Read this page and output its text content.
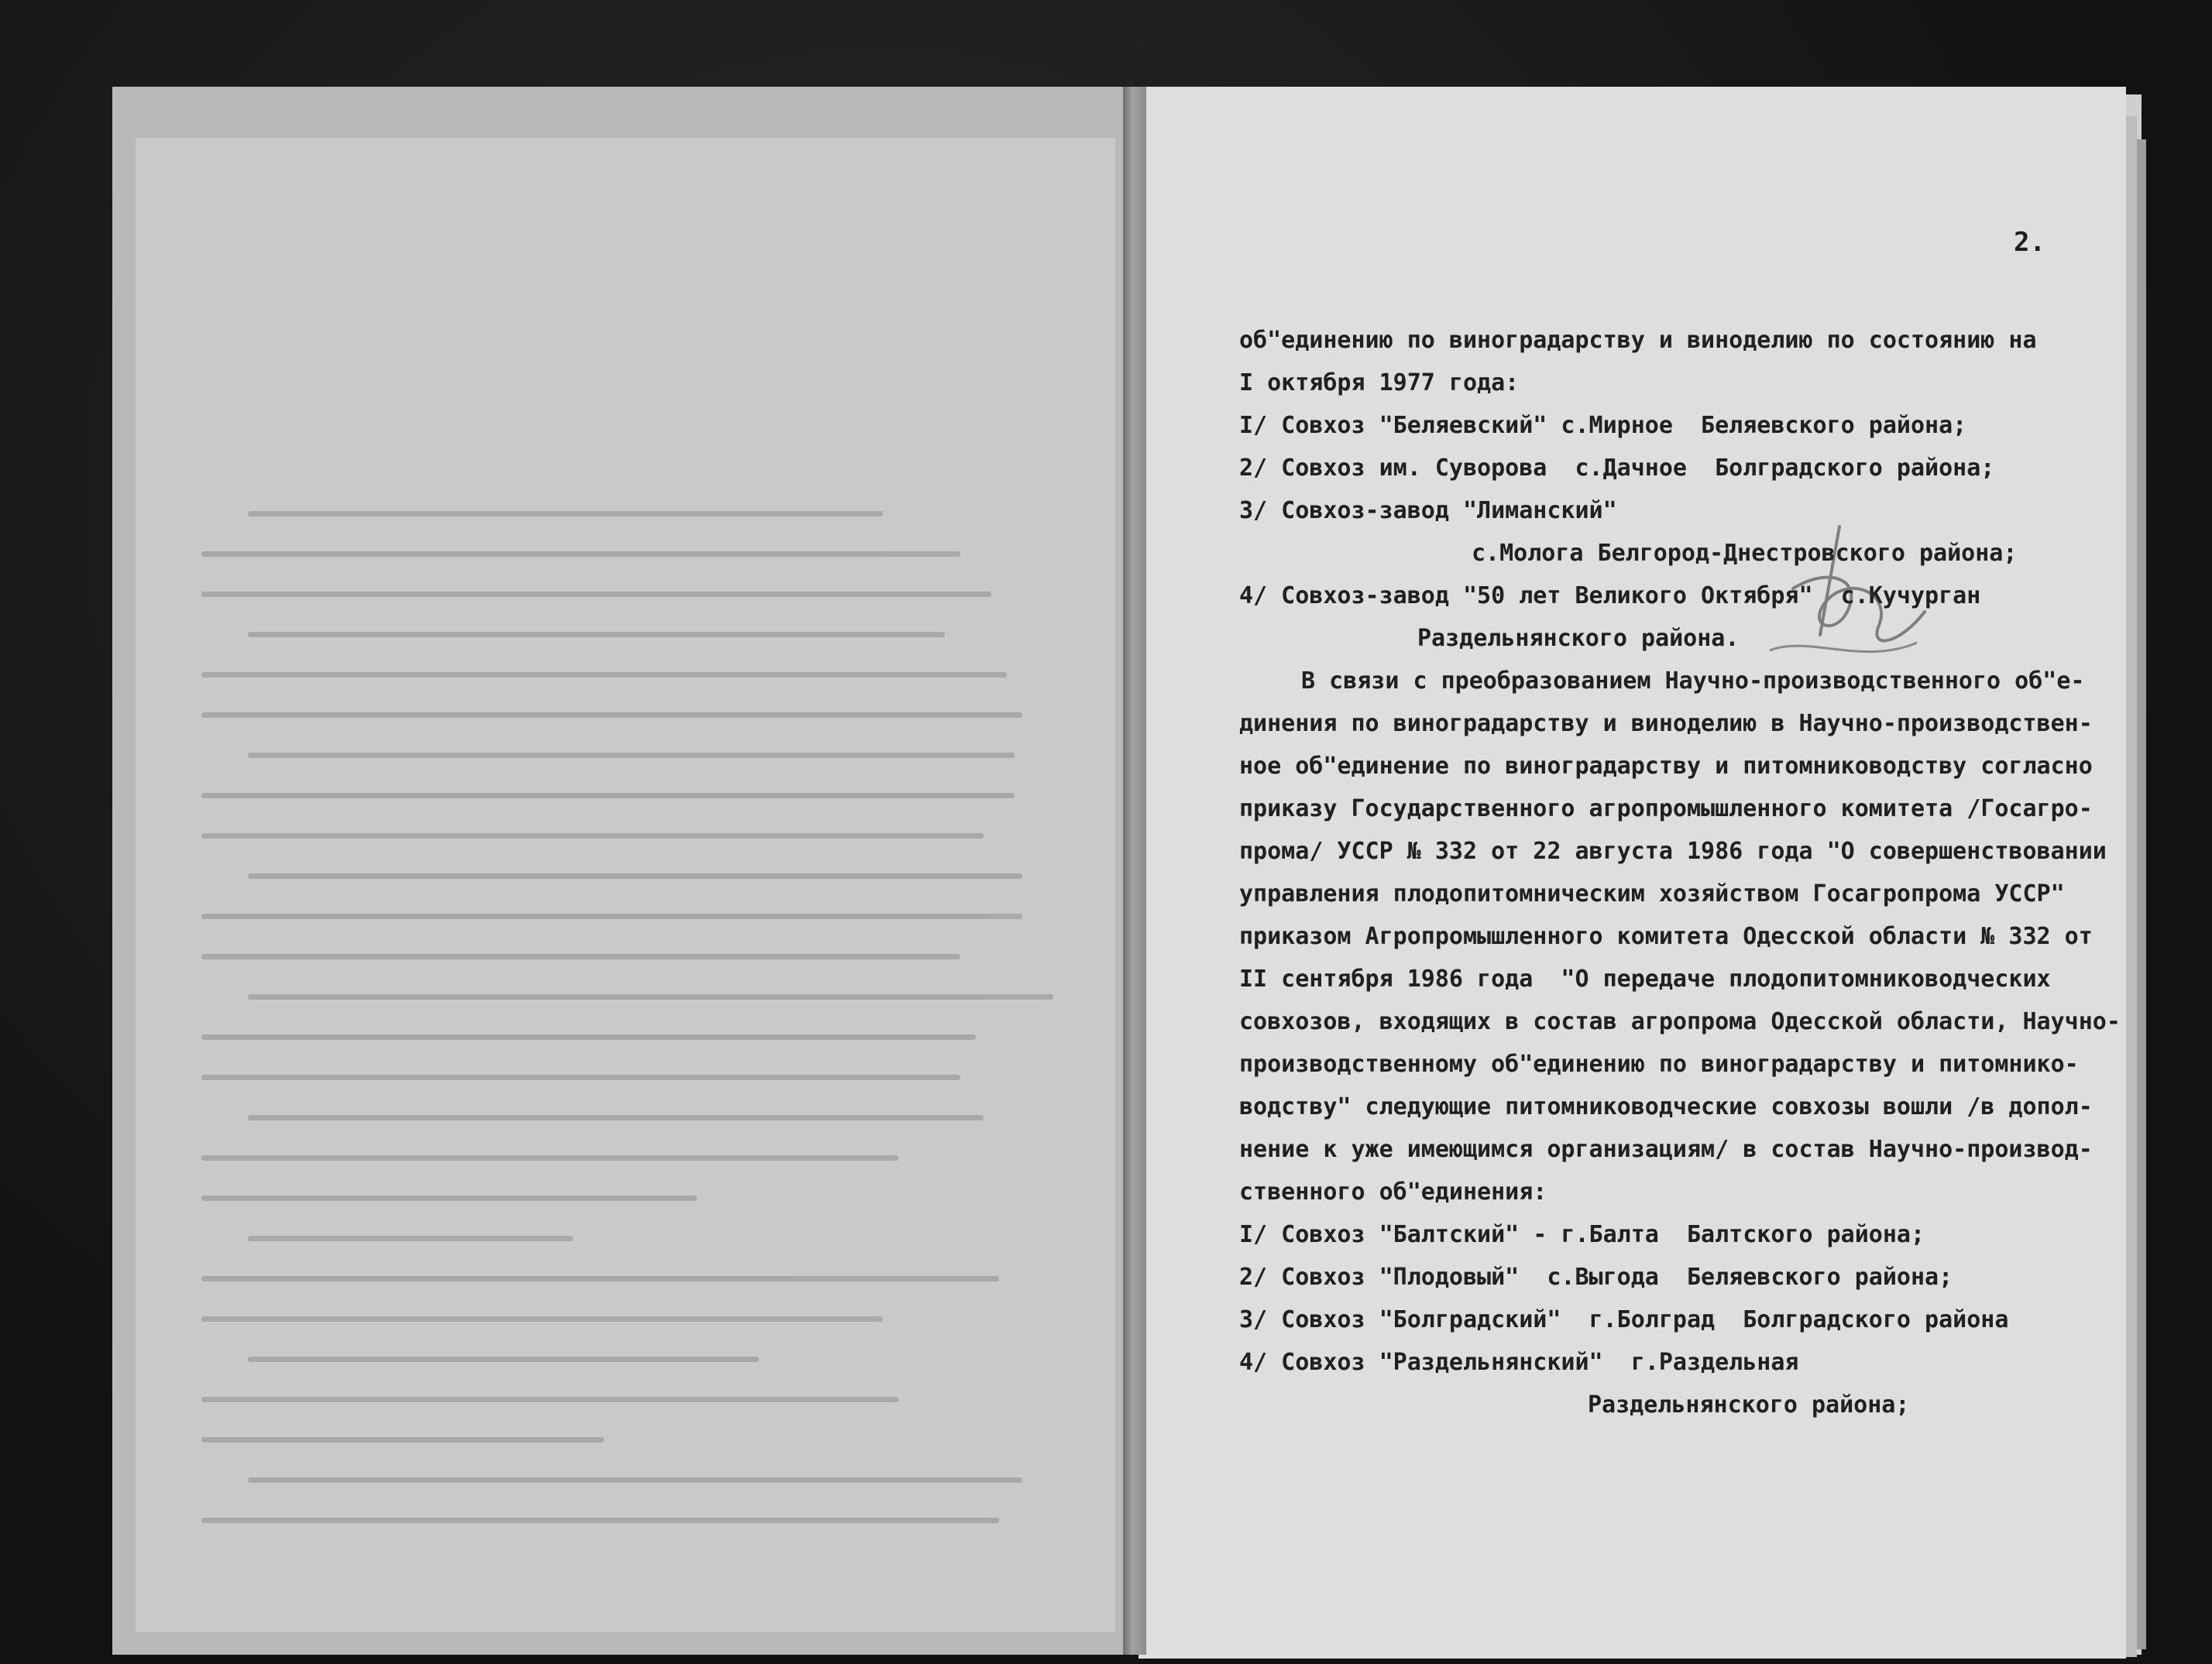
2.
об"единению по виноградарству и виноделию по состоянию на
I октября 1977 года:
I/ Совхоз "Беляевский" с.Мирное  Беляевского района;
2/ Совхоз им. Суворова  с.Дачное  Болградского района;
3/ Совхоз-завод "Лиманский"
с.Молога Белгород-Днестровского района;
4/ Совхоз-завод "50 лет Великого Октября"  с.Кучурган
Раздельнянского района.
В связи с преобразованием Научно-производственного об"е-
динения по виноградарству и виноделию в Научно-производствен-
ное об"единение по виноградарству и питомниководству согласно
приказу Государственного агропромышленного комитета /Госагро-
прома/ УССР № 332 от 22 августа 1986 года "О совершенствовании
управления плодопитомническим хозяйством Госагропрома УССР"
приказом Агропромышленного комитета Одесской области № 332 от
II сентября 1986 года  "О передаче плодопитомниководческих
совхозов, входящих в состав агропрома Одесской области, Научно-
производственному об"единению по виноградарству и питомнико-
водству" следующие питомниководческие совхозы вошли /в допол-
нение к уже имеющимся организациям/ в состав Научно-производ-
ственного об"единения:
I/ Совхоз "Балтский" - г.Балта  Балтского района;
2/ Совхоз "Плодовый"  с.Выгода  Беляевского района;
3/ Совхоз "Болградский"  г.Болград  Болградского района
4/ Совхоз "Раздельнянский"  г.Раздельная
Раздельнянского района;
